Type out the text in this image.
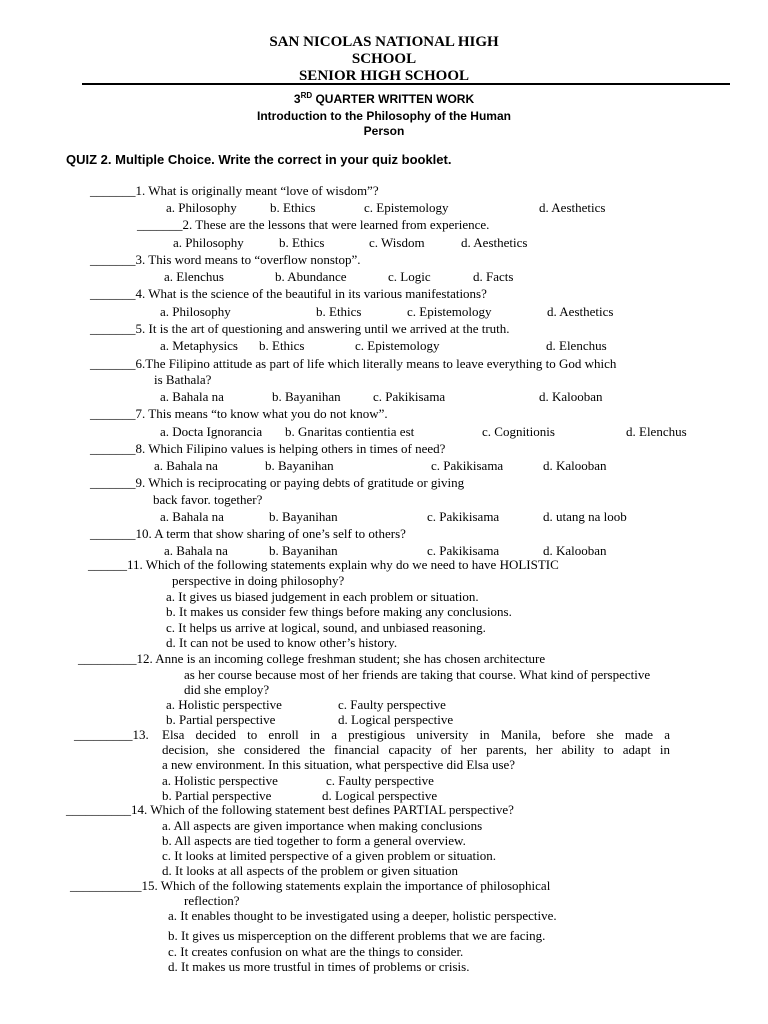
SAN NICOLAS NATIONAL HIGH
SCHOOL
SENIOR HIGH SCHOOL
3RD QUARTER WRITTEN WORK
Introduction to the Philosophy of the Human
Person
QUIZ 2. Multiple Choice. Write the correct in your quiz booklet.
_______1. What is originally meant “love of wisdom”?
a. Philosophy	b. Ethics	c. Epistemology	d. Aesthetics
_______2. These are the lessons that were learned from experience.
a. Philosophy	b. Ethics	c. Wisdom	d. Aesthetics
_______3. This word means to “overflow nonstop”.
a. Elenchus	b. Abundance	c. Logic	d. Facts
_______4. What is the science of the beautiful in its various manifestations?
a. Philosophy	b. Ethics	c. Epistemology	d. Aesthetics
_______5. It is the art of questioning and answering until we arrived at the truth.
a. Metaphysics b. Ethics	c. Epistemology	d. Elenchus
_______6.The Filipino attitude as part of life which literally means to leave everything to God which
is Bathala?
a. Bahala na	b. Bayanihan c. Pakikisama	d. Kalooban
_______7. This means “to know what you do not know”.
a. Docta Ignorancia b. Gnaritas contientia est	c. Cognitionis	d. Elenchus
_______8. Which Filipino values is helping others in times of need?
a. Bahala na	b. Bayanihan	c. Pakikisama	d. Kalooban
_______9. Which is reciprocating or paying debts of gratitude or giving
back favor. together?
a. Bahala na	b. Bayanihan	c. Pakikisama	d. utang na loob
_______10. A term that show sharing of one’s self to others?
a. Bahala na	b. Bayanihan	c. Pakikisama	d. Kalooban
______11. Which of the following statements explain why do we need to have HOLISTIC
perspective in doing philosophy?
a. It gives us biased judgement in each problem or situation.
b. It makes us consider few things before making any conclusions.
c. It helps us arrive at logical, sound, and unbiased reasoning.
d. It can not be used to know other’s history.
_________12. Anne is an incoming college freshman student; she has chosen architecture
as her course because most of her friends are taking that course. What kind of perspective
did she employ?
a. Holistic perspective	c. Faulty perspective
b. Partial perspective	d. Logical perspective
_________13. Elsa decided to enroll in a prestigious university in Manila, before she made a
decision, she considered the financial capacity of her parents, her ability to adapt in
a new environment. In this situation, what perspective did Elsa use?
a. Holistic perspective	c. Faulty perspective
b. Partial perspective	d. Logical perspective
__________14. Which of the following statement best defines PARTIAL perspective?
a. All aspects are given importance when making conclusions
b. All aspects are tied together to form a general overview.
c. It looks at limited perspective of a given problem or situation.
d. It looks at all aspects of the problem or given situation
___________15. Which of the following statements explain the importance of philosophical
reflection?
a. It enables thought to be investigated using a deeper, holistic perspective.
b. It gives us misperception on the different problems that we are facing.
c. It creates confusion on what are the things to consider.
d. It makes us more trustful in times of problems or crisis.
